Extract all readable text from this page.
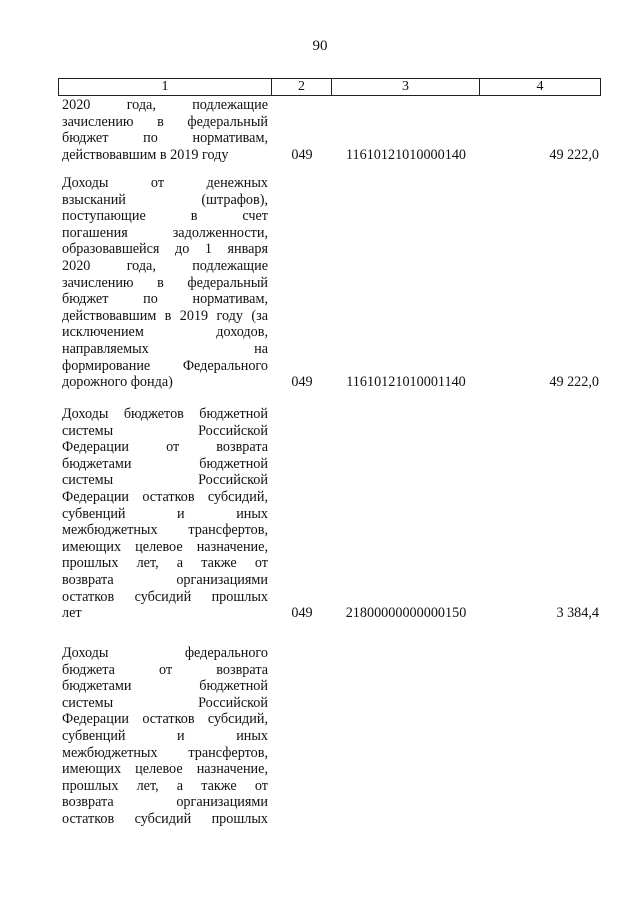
90
1	2	3	4
2020 года, подлежащие
зачислению в федеральный
бюджет по нормативам,
действовавшим в 2019 году	049	11610121010000140	49 222,0
Доходы от денежных
взысканий (штрафов),
поступающие в счет
погашения задолженности,
образовавшейся до 1 января
2020 года, подлежащие
зачислению в федеральный
бюджет по нормативам,
действовавшим в 2019 году (за
исключением доходов,
направляемых на
формирование Федерального
дорожного фонда)	049	11610121010001140	49 222,0
Доходы бюджетов бюджетной
системы Российской
Федерации от возврата
бюджетами бюджетной
системы Российской
Федерации остатков субсидий,
субвенций и иных
межбюджетных трансфертов,
имеющих целевое назначение,
прошлых лет, а также от
возврата организациями
остатков субсидий прошлых
лет	049	21800000000000150	3 384,4
Доходы федерального
бюджета от возврата
бюджетами бюджетной
системы Российской
Федерации остатков субсидий,
субвенций и иных
межбюджетных трансфертов,
имеющих целевое назначение,
прошлых лет, а также от
возврата организациями
остатков субсидий прошлых
